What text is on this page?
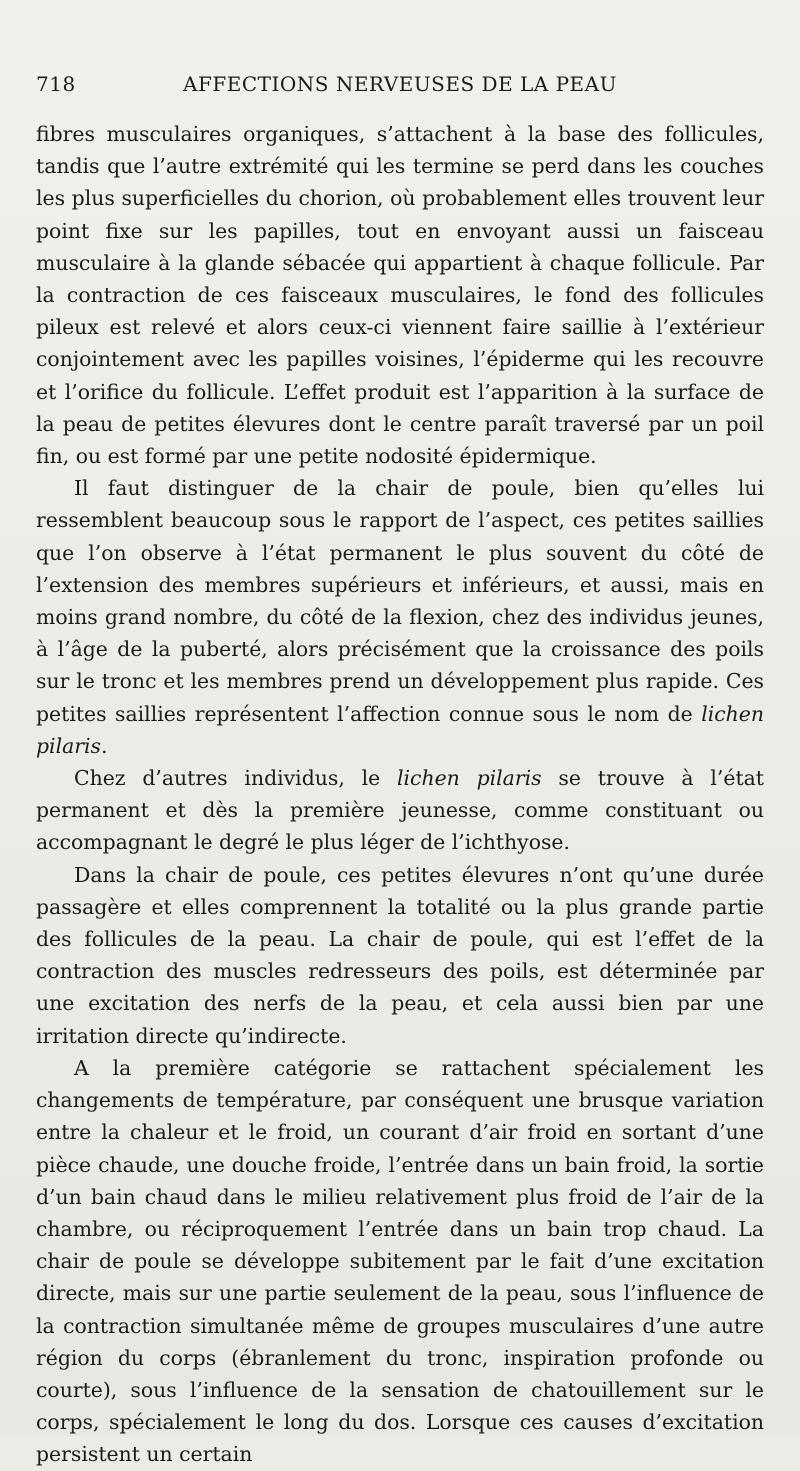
718	AFFECTIONS NERVEUSES DE LA PEAU

fibres musculaires organiques, s’attachent à la base des follicules, tandis que l’autre extrémité qui les termine se perd dans les couches les plus superficielles du chorion, où probablement elles trouvent leur point fixe sur les papilles, tout en envoyant aussi un faisceau musculaire à la glande sébacée qui appartient à chaque follicule. Par la contraction de ces faisceaux musculaires, le fond des follicules pileux est relevé et alors ceux-ci viennent faire saillie à l’extérieur conjointement avec les papilles voisines, l’épiderme qui les recouvre et l’orifice du follicule. L’effet produit est l’apparition à la surface de la peau de petites élevures dont le centre paraît traversé par un poil fin, ou est formé par une petite nodosité épidermique.

Il faut distinguer de la chair de poule, bien qu’elles lui ressemblent beaucoup sous le rapport de l’aspect, ces petites saillies que l’on observe à l’état permanent le plus souvent du côté de l’extension des membres supérieurs et inférieurs, et aussi, mais en moins grand nombre, du côté de la flexion, chez des individus jeunes, à l’âge de la puberté, alors précisément que la croissance des poils sur le tronc et les membres prend un développement plus rapide. Ces petites saillies représentent l’affection connue sous le nom de lichen pilaris.

Chez d’autres individus, le lichen pilaris se trouve à l’état permanent et dès la première jeunesse, comme constituant ou accompagnant le degré le plus léger de l’ichthyose.

Dans la chair de poule, ces petites élevures n’ont qu’une durée passagère et elles comprennent la totalité ou la plus grande partie des follicules de la peau. La chair de poule, qui est l’effet de la contraction des muscles redresseurs des poils, est déterminée par une excitation des nerfs de la peau, et cela aussi bien par une irritation directe qu’indirecte.

A la première catégorie se rattachent spécialement les changements de température, par conséquent une brusque variation entre la chaleur et le froid, un courant d’air froid en sortant d’une pièce chaude, une douche froide, l’entrée dans un bain froid, la sortie d’un bain chaud dans le milieu relativement plus froid de l’air de la chambre, ou réciproquement l’entrée dans un bain trop chaud. La chair de poule se développe subitement par le fait d’une excitation directe, mais sur une partie seulement de la peau, sous l’influence de la contraction simultanée même de groupes musculaires d’une autre région du corps (ébranlement du tronc, inspiration profonde ou courte), sous l’influence de la sensation de chatouillement sur le corps, spécialement le long du dos. Lorsque ces causes d’excitation persistent un certain
